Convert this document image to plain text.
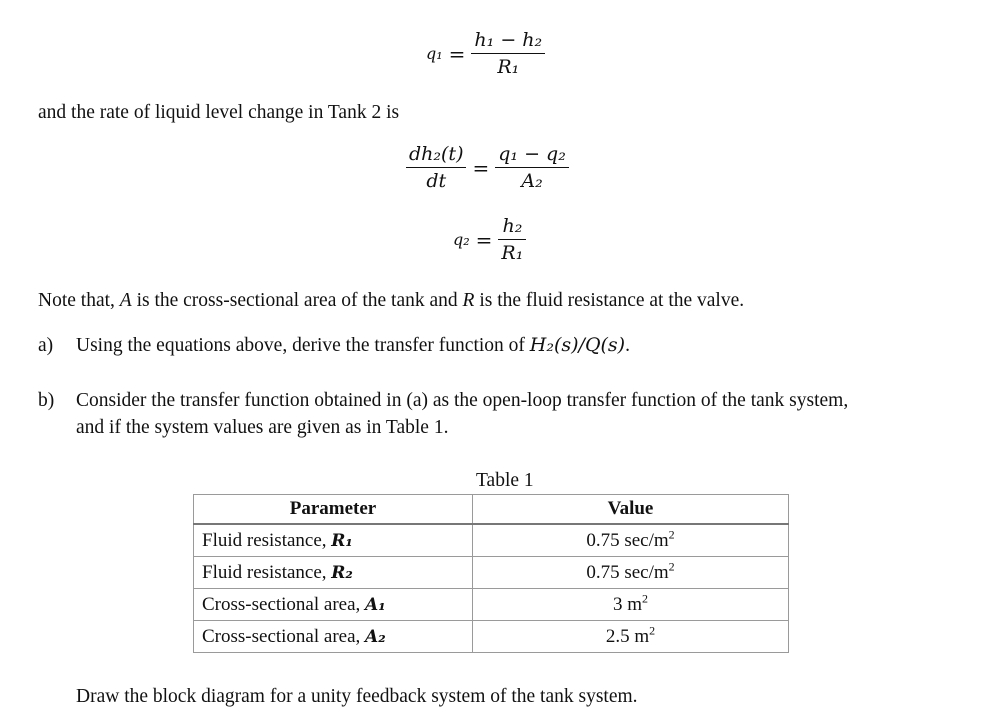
$q_1 = \frac{\text{h₁ − h₂}}{\text{R₁}}$
and the rate of liquid level change in Tank 2 is
$\frac{\text{dh₂(t)}}{dt} = \frac{\text{q₁ − q₂}}{\text{A₂}}$
$q_2 = \frac{\text{h₂}}{\text{R₁}}$
Note that, A is the cross-sectional area of the tank and R is the fluid resistance at the valve.
a) Using the equations above, derive the transfer function of H₂(s)/Q(s).
b) Consider the transfer function obtained in (a) as the open-loop transfer function of the tank system,
and if the system values are given as in Table 1.
Table 1
Parameter	Value
Fluid resistance, R₁	0.75 $\sec/m^2$
Fluid resistance, R₂	0.75 $\sec/m^2$
Cross-sectional area, A₁	3 $m^2$
Cross-sectional area, A₂	2.5 $m^2$
Draw the block diagram for a unity feedback system of the tank system.
